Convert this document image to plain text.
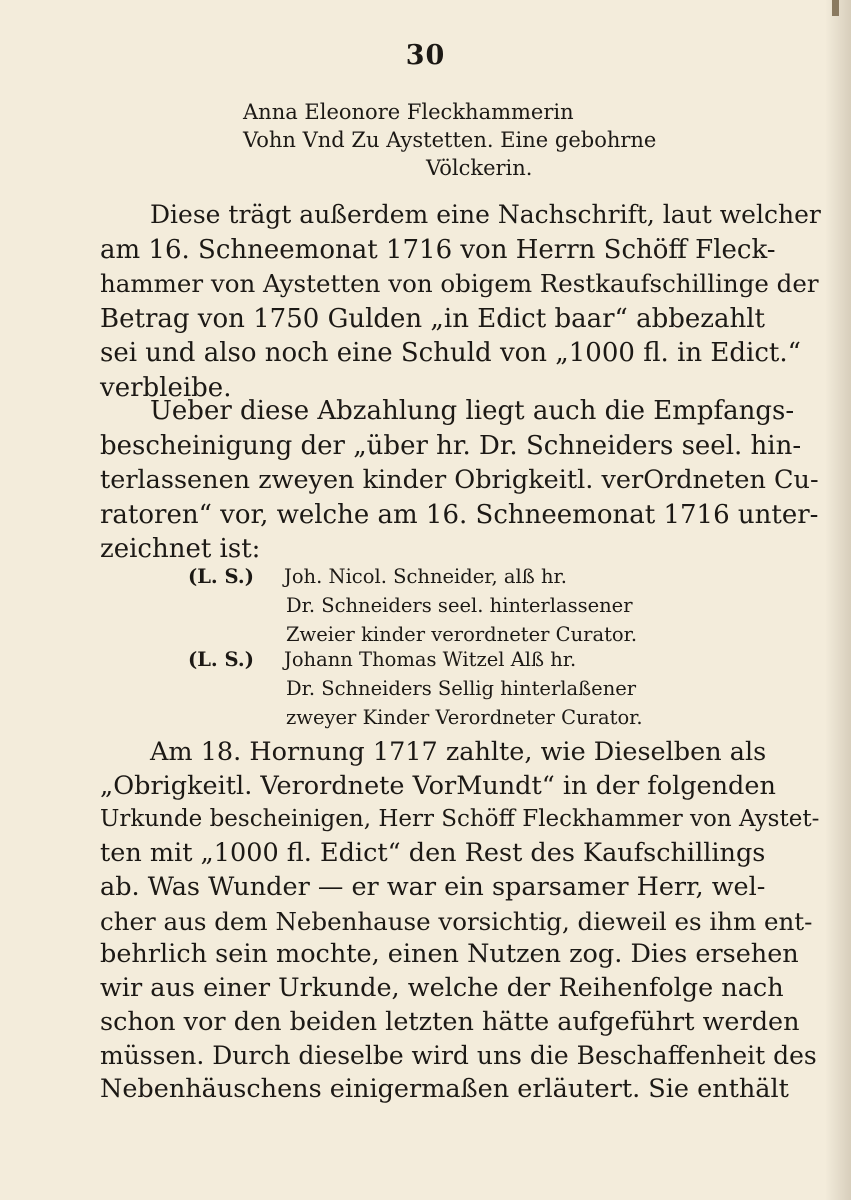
30
Anna Eleonore Fleckhammerin
Vohn Vnd Zu Aystetten. Eine gebohrne
Völckerin.

Diese trägt außerdem eine Nachschrift, laut welcher
am 16. Schneemonat 1716 von Herrn Schöff Fleck-
hammer von Aystetten von obigem Restkaufschillinge der
Betrag von 1750 Gulden „in Edict baar“ abbezahlt
sei und also noch eine Schuld von „1000 fl. in Edict.“
verbleibe.

Ueber diese Abzahlung liegt auch die Empfangs-
bescheinigung der „über hr. Dr. Schneiders seel. hin-
terlassenen zweyen kinder Obrigkeitl. verOrdneten Cu-
ratoren“ vor, welche am 16. Schneemonat 1716 unter-
zeichnet ist:

(L. S.) Joh. Nicol. Schneider, alß hr.
Dr. Schneiders seel. hinterlassener
Zweier kinder verordneter Curator.
(L. S.) Johann Thomas Witzel Alß hr.
Dr. Schneiders Sellig hinterlaßener
zweyer Kinder Verordneter Curator.

Am 18. Hornung 1717 zahlte, wie Dieselben als
„Obrigkeitl. Verordnete VorMundt“ in der folgenden
Urkunde bescheinigen, Herr Schöff Fleckhammer von Aystet-
ten mit „1000 fl. Edict“ den Rest des Kaufschillings
ab. Was Wunder — er war ein sparsamer Herr, wel-
cher aus dem Nebenhause vorsichtig, dieweil es ihm ent-
behrlich sein mochte, einen Nutzen zog. Dies ersehen
wir aus einer Urkunde, welche der Reihenfolge nach
schon vor den beiden letzten hätte aufgeführt werden
müssen. Durch dieselbe wird uns die Beschaffenheit des
Nebenhäuschens einigermaßen erläutert. Sie enthält
